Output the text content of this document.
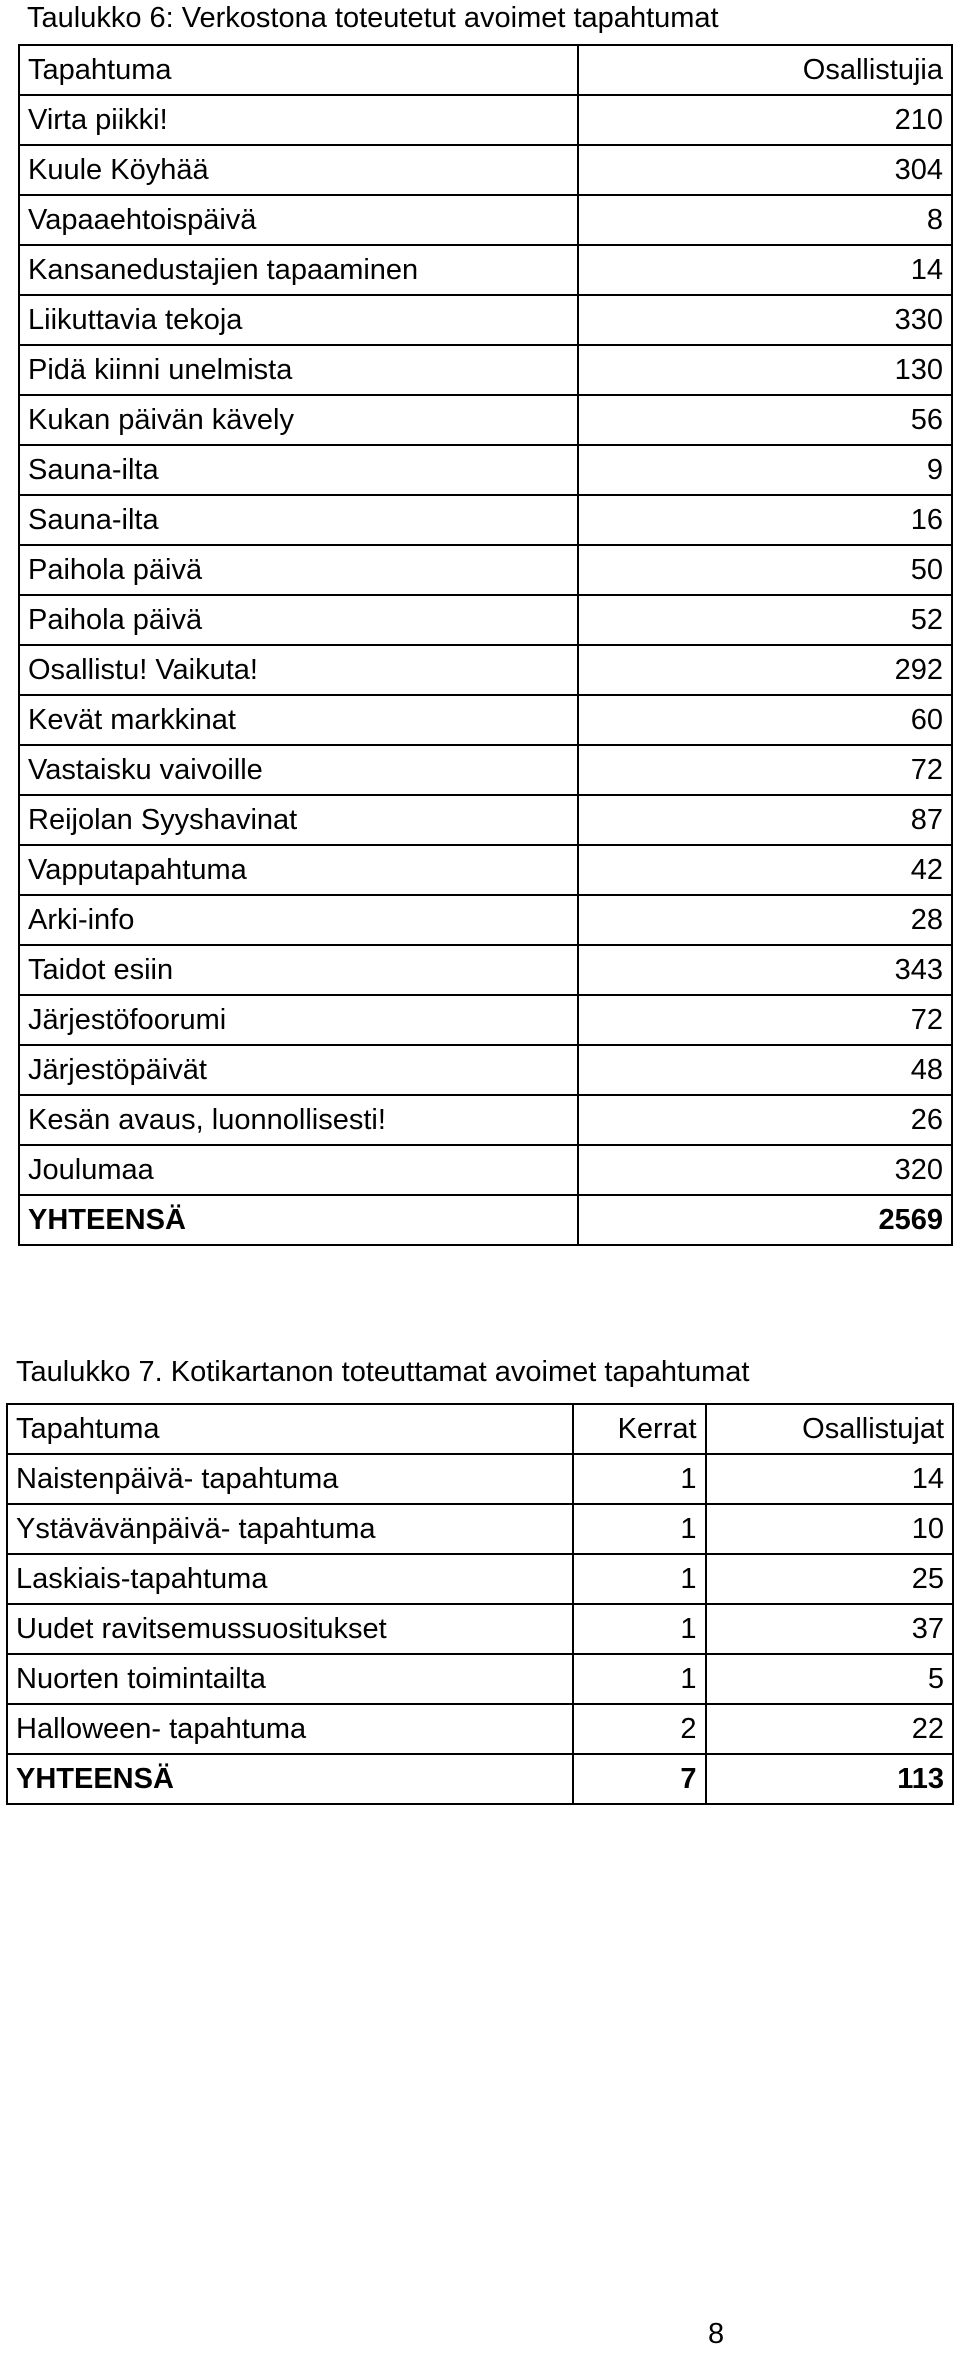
Taulukko 6: Verkostona toteutetut avoimet tapahtumat
Tapahtuma	Osallistujia
Virta piikki!	210
Kuule Köyhää	304
Vapaaehtoispäivä	8
Kansanedustajien tapaaminen	14
Liikuttavia tekoja	330
Pidä kiinni unelmista	130
Kukan päivän kävely	56
Sauna-ilta	9
Sauna-ilta	16
Paihola päivä	50
Paihola päivä	52
Osallistu! Vaikuta!	292
Kevät markkinat	60
Vastaisku vaivoille	72
Reijolan Syyshavinat	87
Vapputapahtuma	42
Arki-info	28
Taidot esiin	343
Järjestöfoorumi	72
Järjestöpäivät	48
Kesän avaus, luonnollisesti!	26
Joulumaa	320
YHTEENSÄ	2569
Taulukko 7. Kotikartanon toteuttamat avoimet tapahtumat
Tapahtuma	Kerrat	Osallistujat
Naistenpäivä- tapahtuma	1	14
Ystävävänpäivä- tapahtuma	1	10
Laskiais-tapahtuma	1	25
Uudet ravitsemussuositukset	1	37
Nuorten toimintailta	1	5
Halloween- tapahtuma	2	22
YHTEENSÄ	7	113
8
